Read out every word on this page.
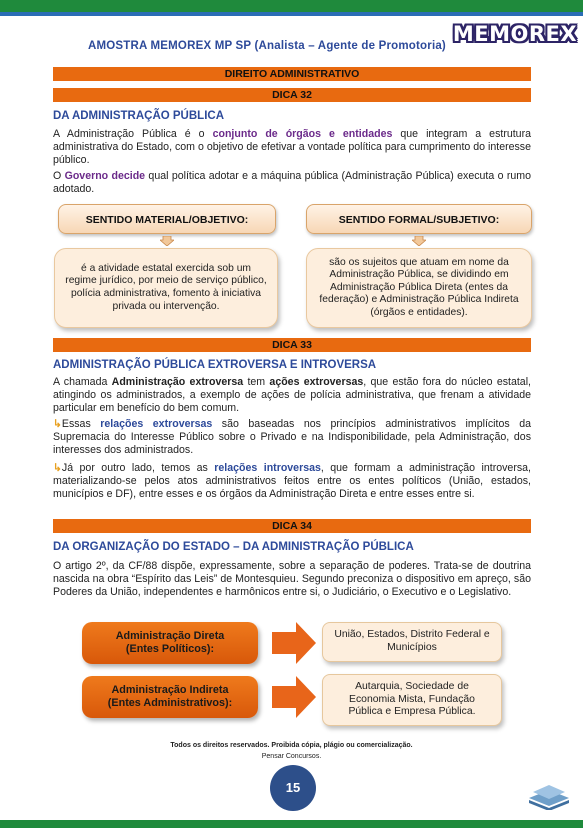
AMOSTRA MEMOREX MP SP (Analista – Agente de Promotoria) MEMOREX
DIREITO ADMINISTRATIVO
DICA 32
DA ADMINISTRAÇÃO PÚBLICA
A Administração Pública é o conjunto de órgãos e entidades que integram a estrutura administrativa do Estado, com o objetivo de efetivar a vontade política para cumprimento do interesse público.
O Governo decide qual política adotar e a máquina pública (Administração Pública) executa o rumo adotado.
SENTIDO MATERIAL/OBJETIVO:
é a atividade estatal exercida sob um regime jurídico, por meio de serviço público, polícia administrativa, fomento à iniciativa privada ou intervenção.
SENTIDO FORMAL/SUBJETIVO:
são os sujeitos que atuam em nome da Administração Pública, se dividindo em Administração Pública Direta (entes da federação) e Administração Pública Indireta (órgãos e entidades).
DICA 33
ADMINISTRAÇÃO PÚBLICA EXTROVERSA E INTROVERSA
A chamada Administração extroversa tem ações extroversas, que estão fora do núcleo estatal, atingindo os administrados, a exemplo de ações de polícia administrativa, que frenam a atividade particular em benefício do bem comum.
↳Essas relações extroversas são baseadas nos princípios administrativos implícitos da Supremacia do Interesse Público sobre o Privado e na Indisponibilidade, pela Administração, dos interesses dos administrados.
↳Já por outro lado, temos as relações introversas, que formam a administração introversa, materializando-se pelos atos administrativos feitos entre os entes políticos (União, estados, municípios e DF), entre esses e os órgãos da Administração Direta e entre esses entre si.
DICA 34
DA ORGANIZAÇÃO DO ESTADO – DA ADMINISTRAÇÃO PÚBLICA
O artigo 2º, da CF/88 dispõe, expressamente, sobre a separação de poderes. Trata-se de doutrina nascida na obra “Espírito das Leis” de Montesquieu. Segundo preconiza o dispositivo em apreço, são Poderes da União, independentes e harmônicos entre si, o Judiciário, o Executivo e o Legislativo.
Administração Direta
(Entes Políticos):
União, Estados, Distrito Federal e Municípios
Administração Indireta
(Entes Administrativos):
Autarquia, Sociedade de Economia Mista, Fundação Pública e Empresa Pública.
Todos os direitos reservados. Proibida cópia, plágio ou comercialização.
Pensar Concursos.
15
